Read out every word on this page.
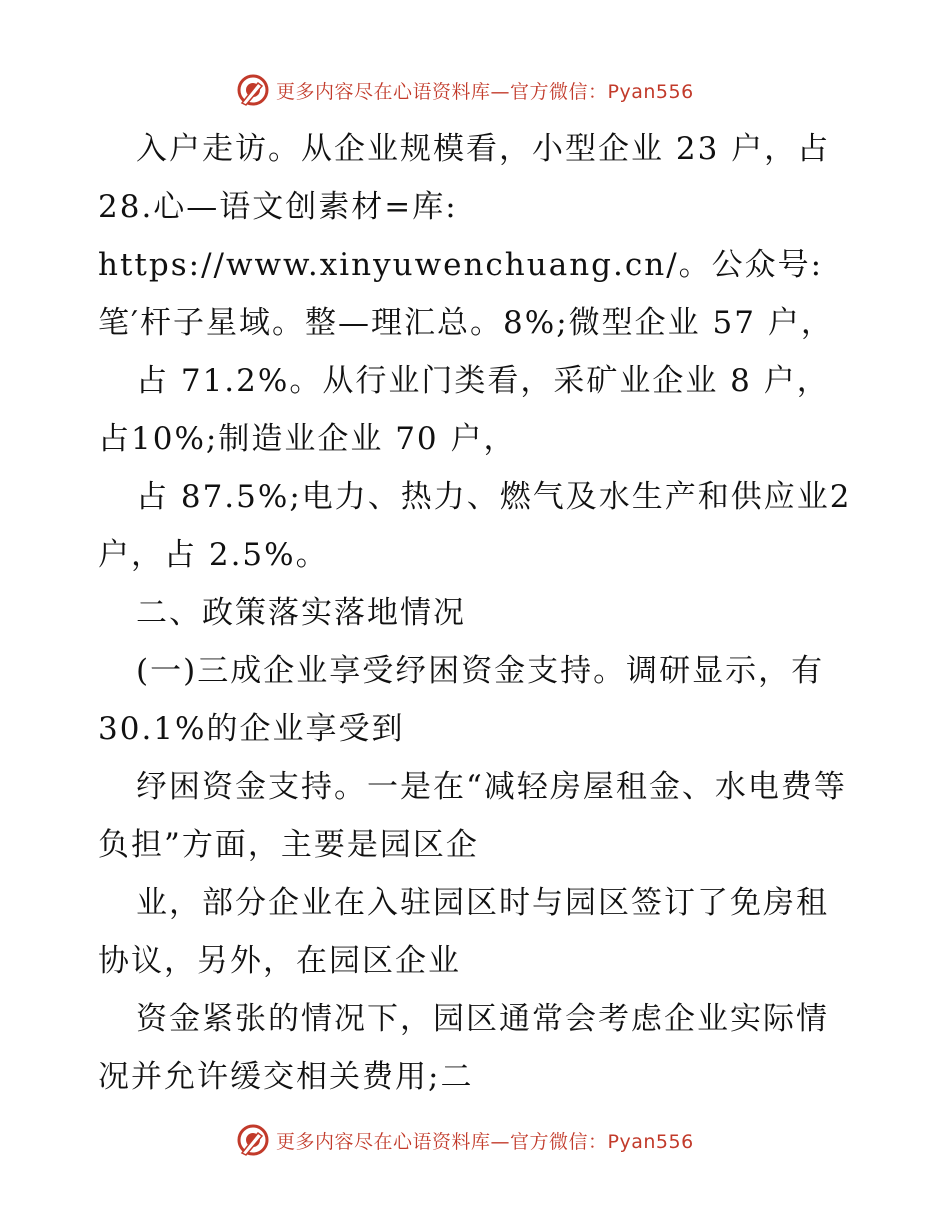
更多内容尽在心语资料库—官方微信：Pyan556

入户走访。从企业规模看，小型企业 23 户，占28.心—语文创素材=库: https://www.xinyuwenchuang.cn/。公众号: 笔′杆子星域。整—理汇总。8%;微型企业 57 户，

占 71.2%。从行业门类看，采矿业企业 8 户，占10%;制造业企业 70 户，

占 87.5%;电力、热力、燃气及水生产和供应业2 户，占 2.5%。

二、政策落实落地情况

(一)三成企业享受纾困资金支持。调研显示，有30.1%的企业享受到

纾困资金支持。一是在“减轻房屋租金、水电费等负担”方面，主要是园区企

业，部分企业在入驻园区时与园区签订了免房租协议，另外，在园区企业

资金紧张的情况下，园区通常会考虑企业实际情况并允许缓交相关费用;二

更多内容尽在心语资料库—官方微信：Pyan556
